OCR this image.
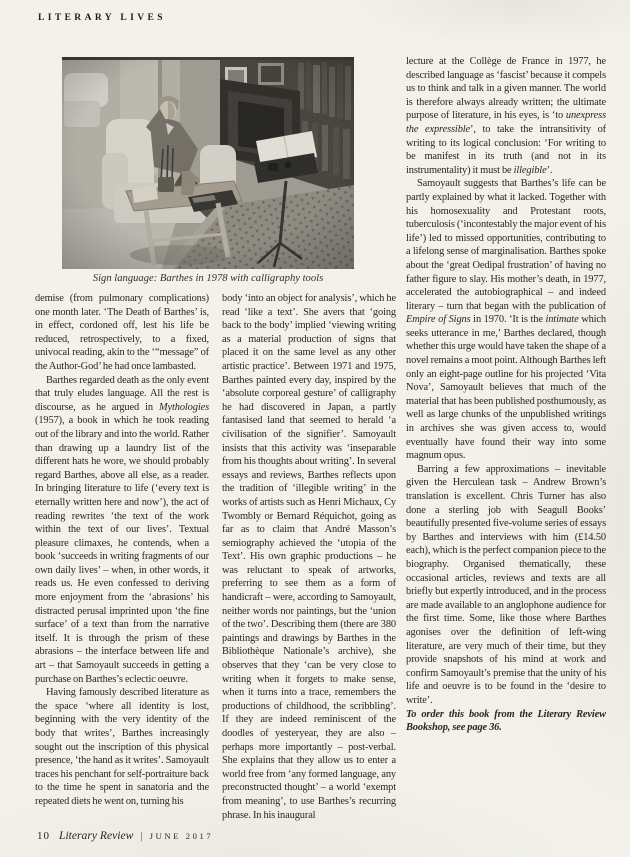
LITERARY LIVES
Sign language: Barthes in 1978 with calligraphy tools

demise (from pulmonary complications) one month later. ‘The Death of Barthes’ is, in effect, cordoned off, lest his life be reduced, retrospectively, to a fixed, univocal reading, akin to the ‘“message” of the Author-God’ he had once lambasted.

Barthes regarded death as the only event that truly eludes language. All the rest is discourse, as he argued in Mythologies (1957), a book in which he took reading out of the library and into the world. Rather than drawing up a laundry list of the different hats he wore, we should probably regard Barthes, above all else, as a reader. In bringing literature to life (‘every text is eternally written here and now’), the act of reading rewrites ‘the text of the work within the text of our lives’. Textual pleasure climaxes, he contends, when a book ‘succeeds in writing fragments of our own daily lives’ – when, in other words, it reads us. He even confessed to deriving more enjoyment from the ‘abrasions’ his distracted perusal imprinted upon ‘the fine surface’ of a text than from the narrative itself. It is through the prism of these abrasions – the interface between life and art – that Samoyault succeeds in getting a purchase on Barthes’s eclectic oeuvre.

Having famously described literature as the space ‘where all identity is lost, beginning with the very identity of the body that writes’, Barthes increasingly sought out the inscription of this physical presence, ‘the hand as it writes’. Samoyault traces his penchant for self-portraiture back to the time he spent in sanatoria and the repeated diets he went on, turning his

body ‘into an object for analysis’, which he read ‘like a text’. She avers that ‘going back to the body’ implied ‘viewing writing as a material production of signs that placed it on the same level as any other artistic practice’. Between 1971 and 1975, Barthes painted every day, inspired by the ‘absolute corporeal gesture’ of calligraphy he had discovered in Japan, a partly fantasised land that seemed to herald ‘a civilisation of the signifier’. Samoyault insists that this activity was ‘inseparable from his thoughts about writing’. In several essays and reviews, Barthes reflects upon the tradition of ‘illegible writing’ in the works of artists such as Henri Michaux, Cy Twombly or Bernard Réquichot, going as far as to claim that André Masson’s semiography achieved the ‘utopia of the Text’. His own graphic productions – he was reluctant to speak of artworks, preferring to see them as a form of handicraft – were, according to Samoyault, neither words nor paintings, but the ‘union of the two’. Describing them (there are 380 paintings and drawings by Barthes in the Bibliothèque Nationale’s archive), she observes that they ‘can be very close to writing when it forgets to make sense, when it turns into a trace, remembers the productions of childhood, the scribbling’. If they are indeed reminiscent of the doodles of yesteryear, they are also – perhaps more importantly – post-verbal. She explains that they allow us to enter a world free from ‘any formed language, any preconstructed thought’ – a world ‘exempt from meaning’, to use Barthes’s recurring phrase. In his inaugural

lecture at the Collège de France in 1977, he described language as ‘fascist’ because it compels us to think and talk in a given manner. The world is therefore always already written; the ultimate purpose of literature, in his eyes, is ‘to unexpress the expressible’, to take the intransitivity of writing to its logical conclusion: ‘For writing to be manifest in its truth (and not in its instrumentality) it must be illegible’.

Samoyault suggests that Barthes’s life can be partly explained by what it lacked. Together with his homosexuality and Protestant roots, tuberculosis (‘incontestably the major event of his life’) led to missed opportunities, contributing to a lifelong sense of marginalisation. Barthes spoke about the ‘great Oedipal frustration’ of having no father figure to slay. His mother’s death, in 1977, accelerated the autobiographical – and indeed literary – turn that began with the publication of Empire of Signs in 1970. ‘It is the intimate which seeks utterance in me,’ Barthes declared, though whether this urge would have taken the shape of a novel remains a moot point. Although Barthes left only an eight-page outline for his projected ‘Vita Nova’, Samoyault believes that much of the material that has been published posthumously, as well as large chunks of the unpublished writings in archives she was given access to, would eventually have found their way into some magnum opus.

Barring a few approximations – inevitable given the Herculean task – Andrew Brown’s translation is excellent. Chris Turner has also done a sterling job with Seagull Books’ beautifully presented five-volume series of essays by Barthes and interviews with him (£14.50 each), which is the perfect companion piece to the biography. Organised thematically, these occasional articles, reviews and texts are all briefly but expertly introduced, and in the process are made available to an anglophone audience for the first time. Some, like those where Barthes agonises over the definition of left-wing literature, are very much of their time, but they provide snapshots of his mind at work and confirm Samoyault’s premise that the unity of his life and oeuvre is to be found in the ‘desire to write’.

To order this book from the Literary Review Bookshop, see page 36.

10 Literary Review | JUNE 2017
